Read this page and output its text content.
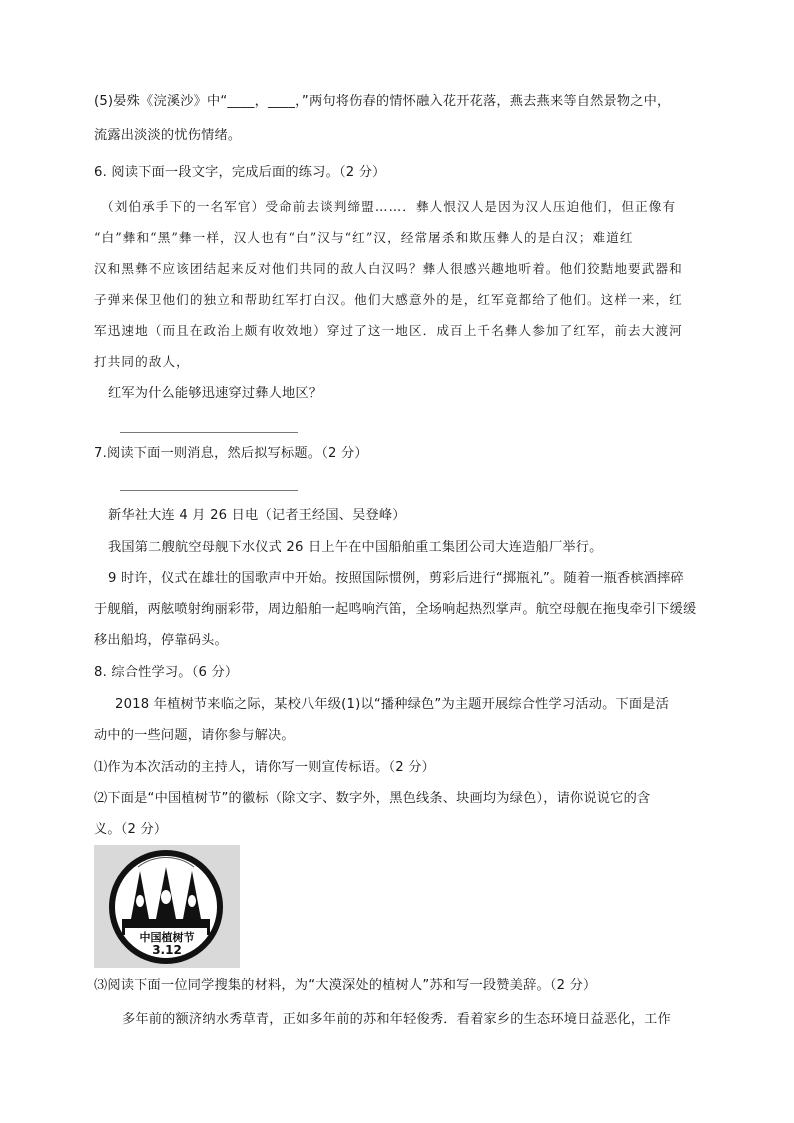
(5)晏殊《浣溪沙》中“____，____，”两句将伤春的情怀融入花开花落，燕去燕来等自然景物之中，
流露出淡淡的忧伤情绪。
6. 阅读下面一段文字，完成后面的练习。（2 分）
（刘伯承手下的一名军官）受命前去谈判缔盟……．彝人恨汉人是因为汉人压迫他们，但正像有
“白”彝和“黑”彝一样，汉人也有“白”汉与“红”汉，经常屠杀和欺压彝人的是白汉；难道红
汉和黑彝不应该团结起来反对他们共同的敌人白汉吗？彝人很感兴趣地听着。他们狡黠地要武器和
子弹来保卫他们的独立和帮助红军打白汉。他们大感意外的是，红军竟都给了他们。这样一来，红
军迅速地（而且在政治上颇有收效地）穿过了这一地区．成百上千名彝人参加了红军，前去大渡河
打共同的敌人，
红军为什么能够迅速穿过彝人地区？
7.阅读下面一则消息，然后拟写标题。（2 分）
新华社大连 4 月 26 日电（记者王经国、吴登峰）
我国第二艘航空母舰下水仪式 26 日上午在中国船舶重工集团公司大连造船厂举行。
9 时许，仪式在雄壮的国歌声中开始。按照国际惯例，剪彩后进行“掷瓶礼”。随着一瓶香槟酒摔碎
于舰艏，两舷喷射绚丽彩带，周边船舶一起鸣响汽笛，全场响起热烈掌声。航空母舰在拖曳牵引下缓缓
移出船坞，停靠码头。
8. 综合性学习。（6 分）
2018 年植树节来临之际，某校八年级(1)以“播种绿色”为主题开展综合性学习活动。下面是活
动中的一些问题，请你参与解决。
⑴作为本次活动的主持人，请你写一则宣传标语。（2 分）
⑵下面是“中国植树节”的徽标（除文字、数字外，黑色线条、块画均为绿色），请你说说它的含
义。（2 分）
中国植树节
3.12
⑶阅读下面一位同学搜集的材料，为“大漠深处的植树人”苏和写一段赞美辞。（2 分）
多年前的额济纳水秀草青，正如多年前的苏和年轻俊秀．看着家乡的生态环境日益恶化，工作
